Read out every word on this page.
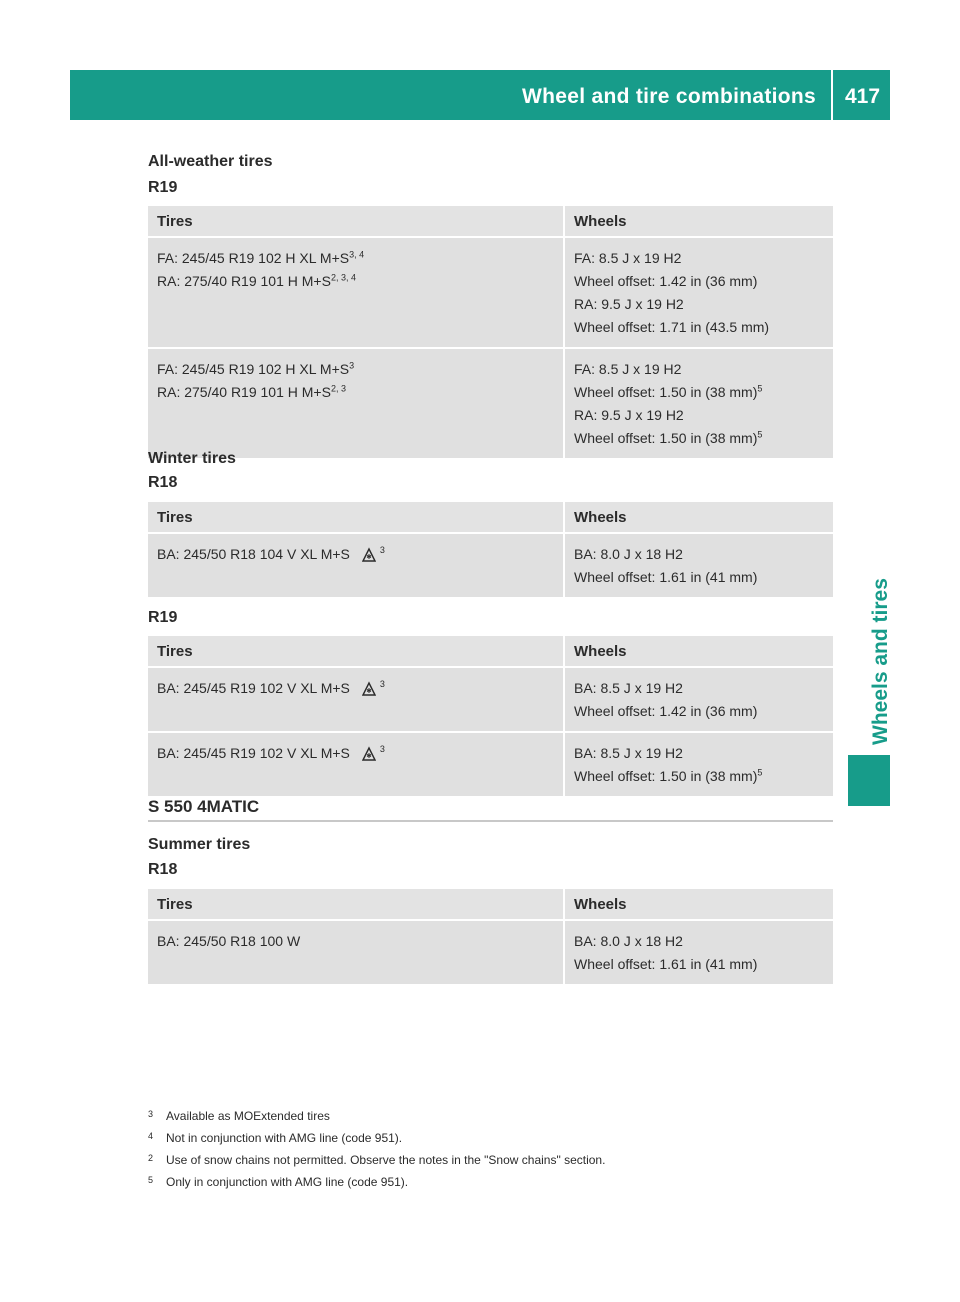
Wheel and tire combinations	417
Wheels and tires
All-weather tires
R19
Tires	Wheels

FA: 245/45 R19 102 H XL $M+S^{3, 4}$
RA: 275/40 R19 101 H $M+S^{2, 3, 4}$	FA: 8.5 J x 19 H2
Wheel offset: 1.42 in (36 mm)
RA: 9.5 J x 19 H2
Wheel offset: 1.71 in (43.5 mm)

FA: 245/45 R19 102 H XL $M+S^3$
RA: 275/40 R19 101 H $M+S^{2, 3}$	FA: 8.5 J x 19 H2
Wheel offset: 1.50 in (38 mm)$^5$
RA: 9.5 J x 19 H2
Wheel offset: 1.50 in (38 mm)$^5$
Winter tires
R18
Tires	Wheels

BA: 245/50 R18 104 V XL M+S $^3$	BA: 8.0 J x 18 H2
Wheel offset: 1.61 in (41 mm)
R19
Tires	Wheels

BA: 245/45 R19 102 V XL M+S $^3$	BA: 8.5 J x 19 H2
Wheel offset: 1.42 in (36 mm)

BA: 245/45 R19 102 V XL M+S $^3$	BA: 8.5 J x 19 H2
Wheel offset: 1.50 in (38 mm)$^5$
S 550 4MATIC
Summer tires
R18
Tires	Wheels

BA: 245/50 R18 100 W	BA: 8.0 J x 18 H2
Wheel offset: 1.61 in (41 mm)
3 Available as MOExtended tires
4 Not in conjunction with AMG line (code 951).
2 Use of snow chains not permitted. Observe the notes in the "Snow chains" section.
5 Only in conjunction with AMG line (code 951).
